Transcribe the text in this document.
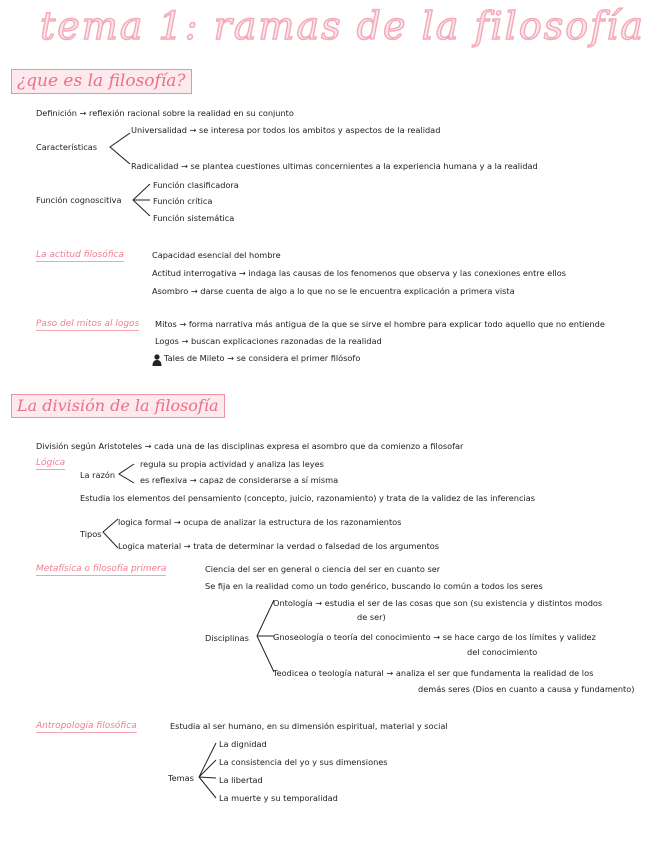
tema 1: ramas de la filosofía
¿que es la filosofía?
Definición → reflexión racional sobre la realidad en su conjunto
Características
Universalidad → se interesa por todos los ambitos y aspectos de la realidad
Radicalidad → se plantea cuestiones ultimas concernientes a la experiencia humana y a la realidad
Función cognoscitiva
Función clasificadora
Función crítica
Función sistemática
La actitud filosófica	Capacidad esencial del hombre
Actitud interrogativa → indaga las causas de los fenomenos que observa y las conexiones entre ellos
Asombro → darse cuenta de algo a lo que no se le encuentra explicación a primera vista
Paso del mitos al logos Mitos → forma narrativa más antigua de la que se sirve el hombre para explicar todo aquello que no entiende
Logos → buscan explicaciones razonadas de la realidad
Tales de Mileto → se considera el primer filósofo
La división de la filosofía
División según Aristoteles → cada una de las disciplinas expresa el asombro que da comienzo a filosofar
Lógica
La razón
regula su propia actividad y analiza las leyes
es reflexiva → capaz de considerarse a sí misma
Estudia los elementos del pensamiento (concepto, juicio, razonamiento) y trata de la validez de las inferencias
Tipos
logica formal → ocupa de analizar la estructura de los razonamientos
Logica material → trata de determinar la verdad o falsedad de los argumentos
Metafísica o filosofía primera	Ciencia del ser en general o ciencia del ser en cuanto ser
Se fija en la realidad como un todo genérico, buscando lo común a todos los seres
Disciplinas
Ontología → estudia el ser de las cosas que son (su existencia y distintos modos
de ser)
Gnoseología o teoría del conocimiento → se hace cargo de los límites y validez
del conocimiento
Teodicea o teología natural → analiza el ser que fundamenta la realidad de los
demás seres (Dios en cuanto a causa y fundamento)
Antropología filosófica	Estudia al ser humano, en su dimensión espiritual, material y social
Temas
La dignidad
La consistencia del yo y sus dimensiones
La libertad
La muerte y su temporalidad
